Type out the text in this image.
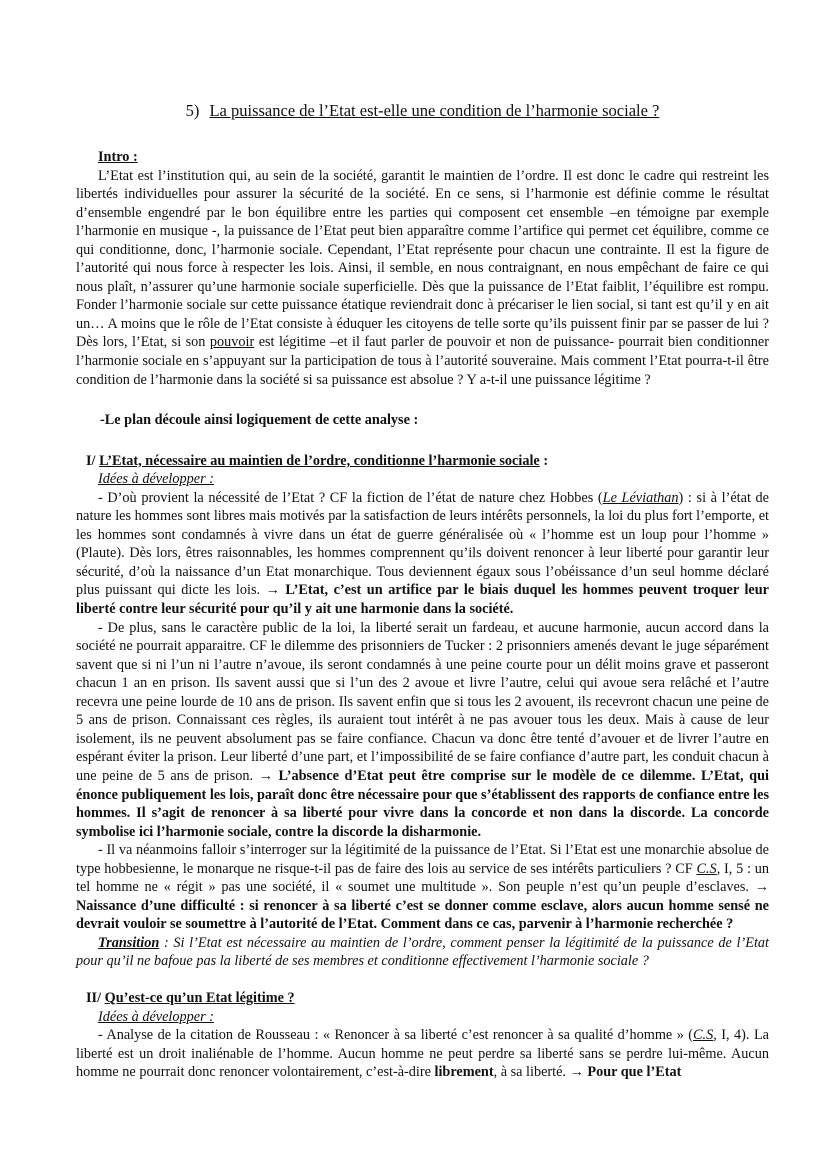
5) La puissance de l’Etat est-elle une condition de l’harmonie sociale ?

Intro :

L’Etat est l’institution qui, au sein de la société, garantit le maintien de l’ordre. Il est donc le cadre qui restreint les libertés individuelles pour assurer la sécurité de la société. En ce sens, si l’harmonie est définie comme le résultat d’ensemble engendré par le bon équilibre entre les parties qui composent cet ensemble –en témoigne par exemple l’harmonie en musique -, la puissance de l’Etat peut bien apparaître comme l’artifice qui permet cet équilibre, comme ce qui conditionne, donc, l’harmonie sociale. Cependant, l’Etat représente pour chacun une contrainte. Il est la figure de l’autorité qui nous force à respecter les lois. Ainsi, il semble, en nous contraignant, en nous empêchant de faire ce qui nous plaît, n’assurer qu’une harmonie sociale superficielle. Dès que la puissance de l’Etat faiblit, l’équilibre est rompu. Fonder l’harmonie sociale sur cette puissance étatique reviendrait donc à précariser le lien social, si tant est qu’il y en ait un… A moins que le rôle de l’Etat consiste à éduquer les citoyens de telle sorte qu’ils puissent finir par se passer de lui ? Dès lors, l’Etat, si son pouvoir est légitime –et il faut parler de pouvoir et non de puissance- pourrait bien conditionner l’harmonie sociale en s’appuyant sur la participation de tous à l’autorité souveraine. Mais comment l’Etat pourra-t-il être condition de l’harmonie dans la société si sa puissance est absolue ? Y a-t-il une puissance légitime ?

-Le plan découle ainsi logiquement de cette analyse :

I/ L’Etat, nécessaire au maintien de l’ordre, conditionne l’harmonie sociale :

Idées à développer :

- D’où provient la nécessité de l’Etat ? CF la fiction de l’état de nature chez Hobbes (Le Léviathan) : si à l’état de nature les hommes sont libres mais motivés par la satisfaction de leurs intérêts personnels, la loi du plus fort l’emporte, et les hommes sont condamnés à vivre dans un état de guerre généralisée où « l’homme est un loup pour l’homme » (Plaute). Dès lors, êtres raisonnables, les hommes comprennent qu’ils doivent renoncer à leur liberté pour garantir leur sécurité, d’où la naissance d’un Etat monarchique. Tous deviennent égaux sous l’obéissance d’un seul homme déclaré plus puissant qui dicte les lois. → L’Etat, c’est un artifice par le biais duquel les hommes peuvent troquer leur liberté contre leur sécurité pour qu’il y ait une harmonie dans la société.

- De plus, sans le caractère public de la loi, la liberté serait un fardeau, et aucune harmonie, aucun accord dans la société ne pourrait apparaitre. CF le dilemme des prisonniers de Tucker : 2 prisonniers amenés devant le juge séparément savent que si ni l’un ni l’autre n’avoue, ils seront condamnés à une peine courte pour un délit moins grave et passeront chacun 1 an en prison. Ils savent aussi que si l’un des 2 avoue et livre l’autre, celui qui avoue sera relâché et l’autre recevra une peine lourde de 10 ans de prison. Ils savent enfin que si tous les 2 avouent, ils recevront chacun une peine de 5 ans de prison. Connaissant ces règles, ils auraient tout intérêt à ne pas avouer tous les deux. Mais à cause de leur isolement, ils ne peuvent absolument pas se faire confiance. Chacun va donc être tenté d’avouer et de livrer l’autre en espérant éviter la prison. Leur liberté d’une part, et l’impossibilité de se faire confiance d’autre part, les conduit chacun à une peine de 5 ans de prison. → L’absence d’Etat peut être comprise sur le modèle de ce dilemme. L’Etat, qui énonce publiquement les lois, paraît donc être nécessaire pour que s’établissent des rapports de confiance entre les hommes. Il s’agit de renoncer à sa liberté pour vivre dans la concorde et non dans la discorde. La concorde symbolise ici l’harmonie sociale, contre la discorde la disharmonie.

- Il va néanmoins falloir s’interroger sur la légitimité de la puissance de l’Etat. Si l’Etat est une monarchie absolue de type hobbesienne, le monarque ne risque-t-il pas de faire des lois au service de ses intérêts particuliers ? CF C.S, I, 5 : un tel homme ne « régit » pas une société, il « soumet une multitude ». Son peuple n’est qu’un peuple d’esclaves. → Naissance d’une difficulté : si renoncer à sa liberté c’est se donner comme esclave, alors aucun homme sensé ne devrait vouloir se soumettre à l’autorité de l’Etat. Comment dans ce cas, parvenir à l’harmonie recherchée ?

Transition : Si l’Etat est nécessaire au maintien de l’ordre, comment penser la légitimité de la puissance de l’Etat pour qu’il ne bafoue pas la liberté de ses membres et conditionne effectivement l’harmonie sociale ?

II/ Qu’est-ce qu’un Etat légitime ?

Idées à développer :

- Analyse de la citation de Rousseau : « Renoncer à sa liberté c’est renoncer à sa qualité d’homme » (C.S, I, 4). La liberté est un droit inaliénable de l’homme. Aucun homme ne peut perdre sa liberté sans se perdre lui-même. Aucun homme ne pourrait donc renoncer volontairement, c’est-à-dire librement, à sa liberté. → Pour que l’Etat
